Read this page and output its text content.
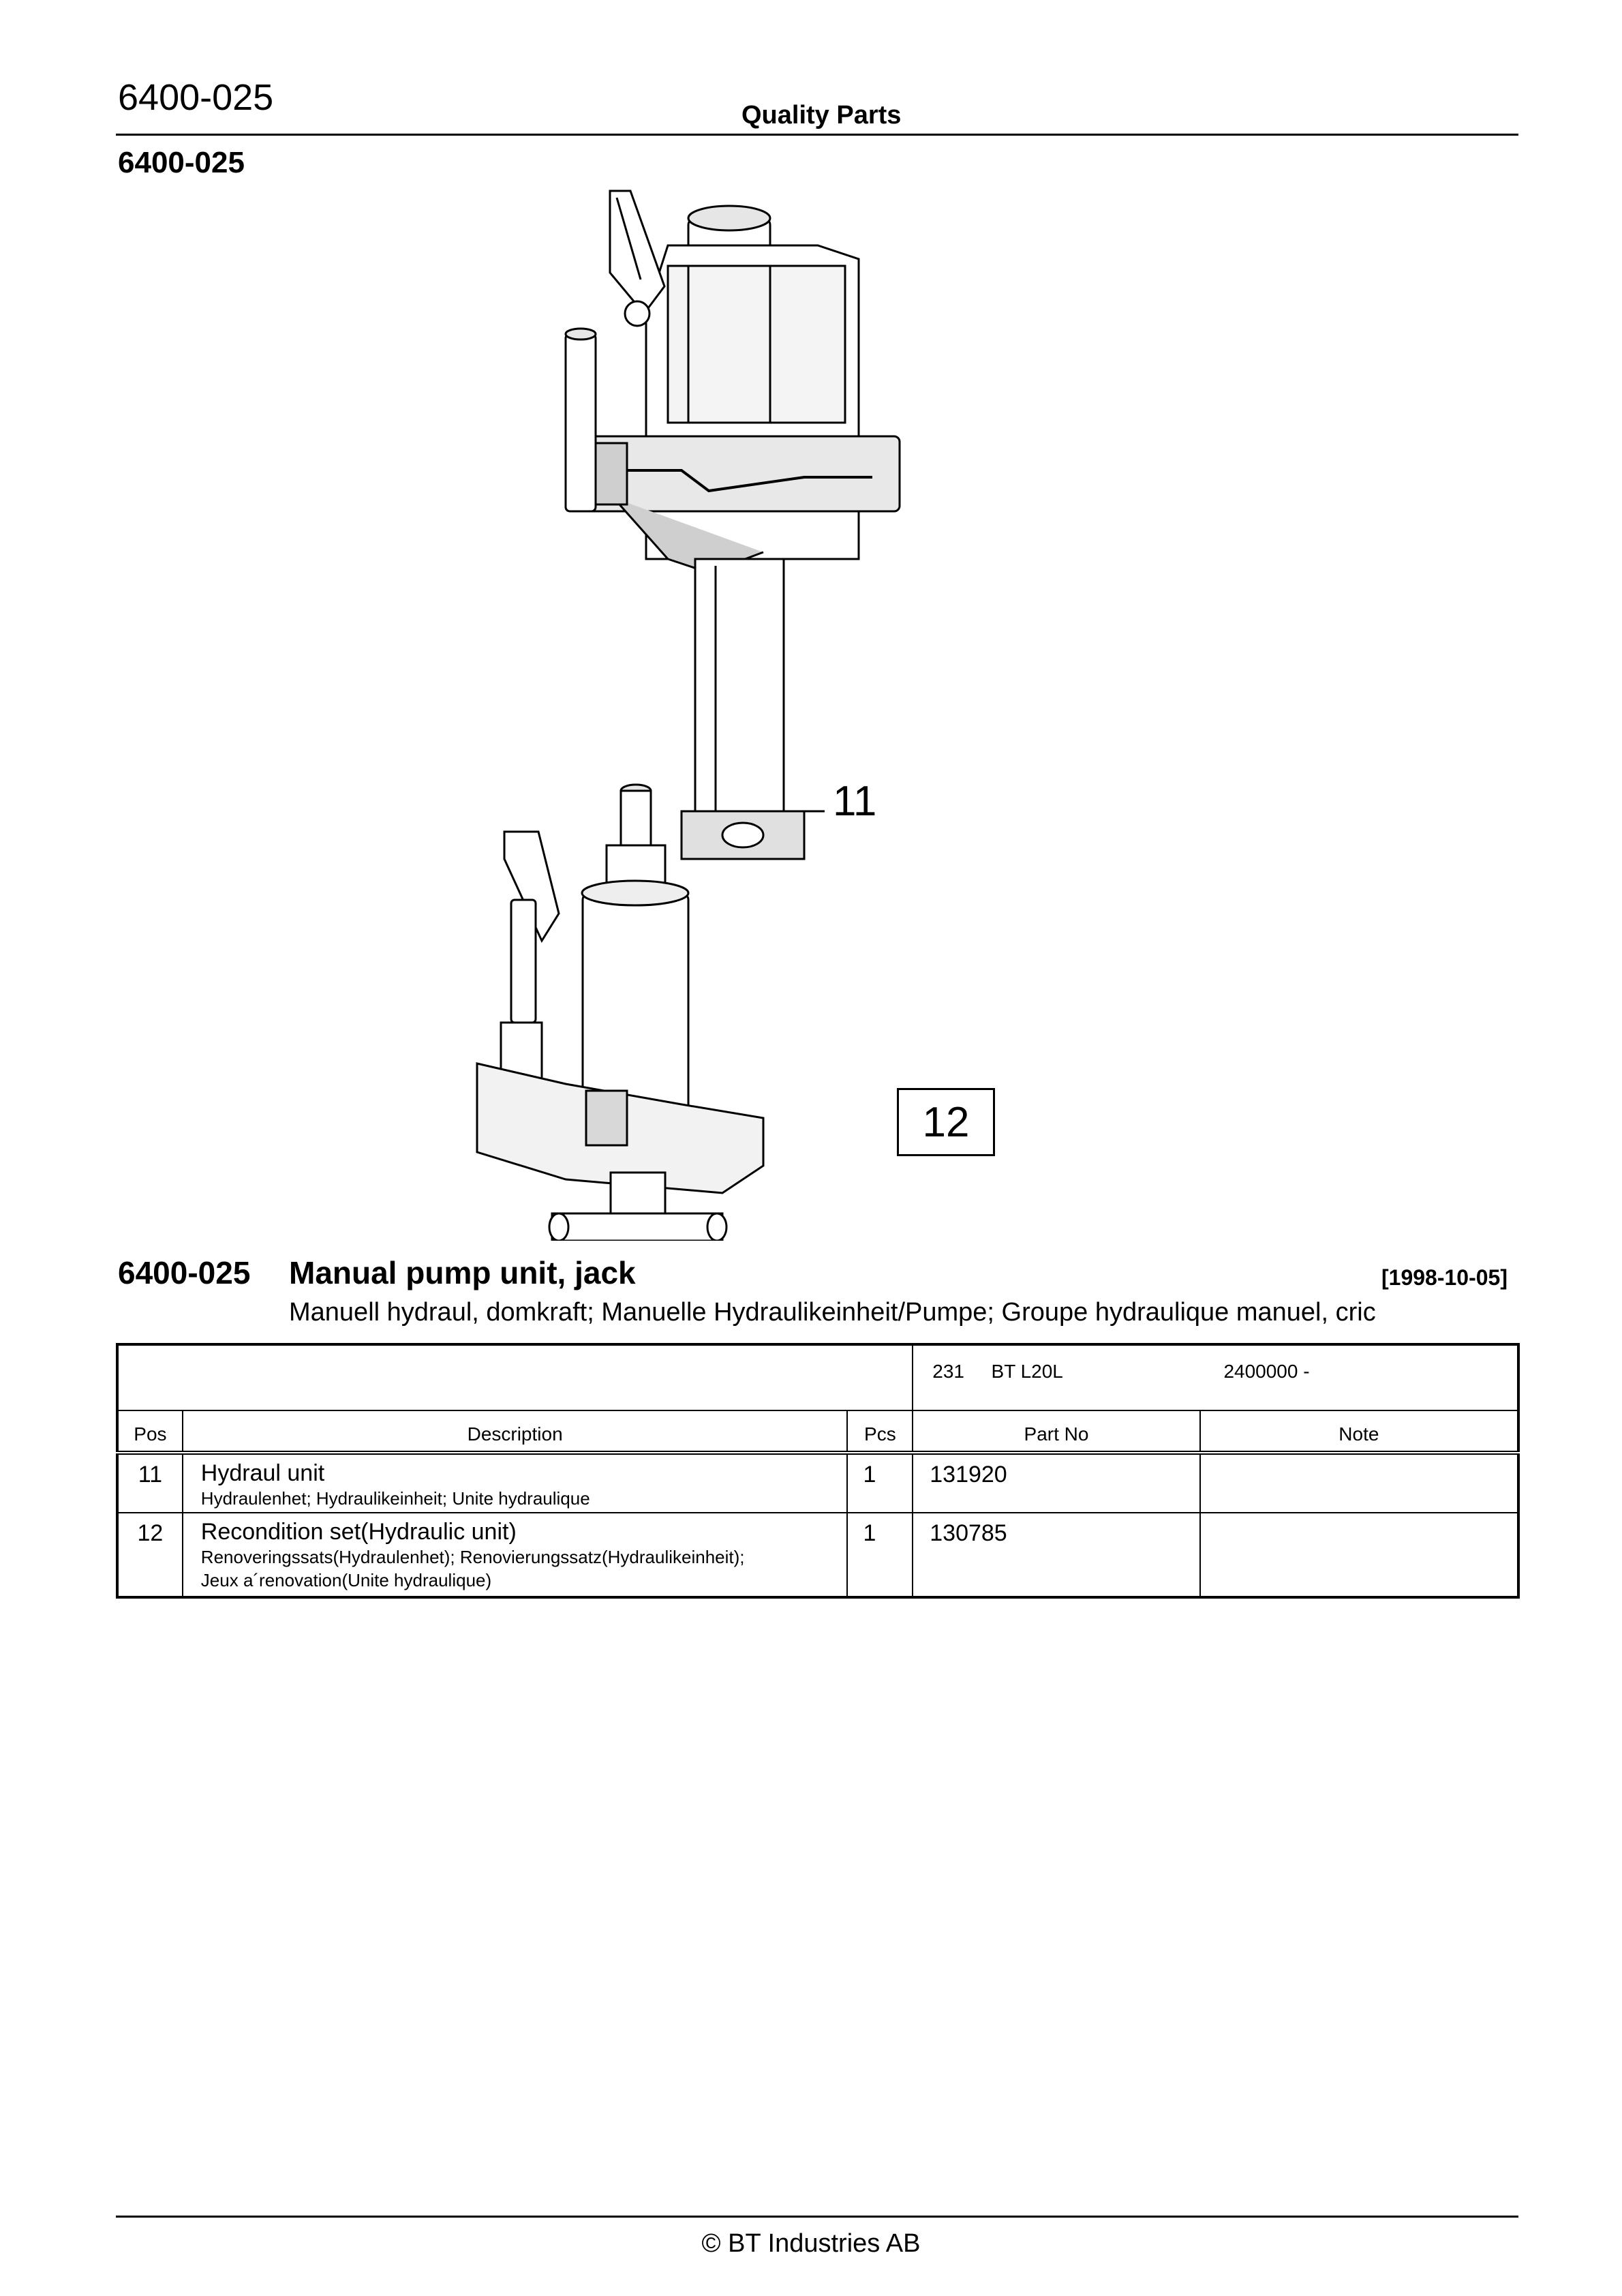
6400-025	Quality Parts
6400-025
11
12
6400-025 Manual pump unit, jack	[1998-10-05]
Manuell hydraul, domkraft; Manuelle Hydraulikeinheit/Pumpe; Groupe hydraulique manuel, cric
			231 BT L20L 2400000 -	
Pos	Description	Pcs	Part No	Note
11	Hydraul unit
Hydraulenhet; Hydraulikeinheit; Unite hydraulique	1	131920	
12	Recondition set(Hydraulic unit)
Renoveringssats(Hydraulenhet); Renovierungssatz(Hydraulikeinheit);
Jeux a´renovation(Unite hydraulique)	1	130785	
© BT Industries AB
